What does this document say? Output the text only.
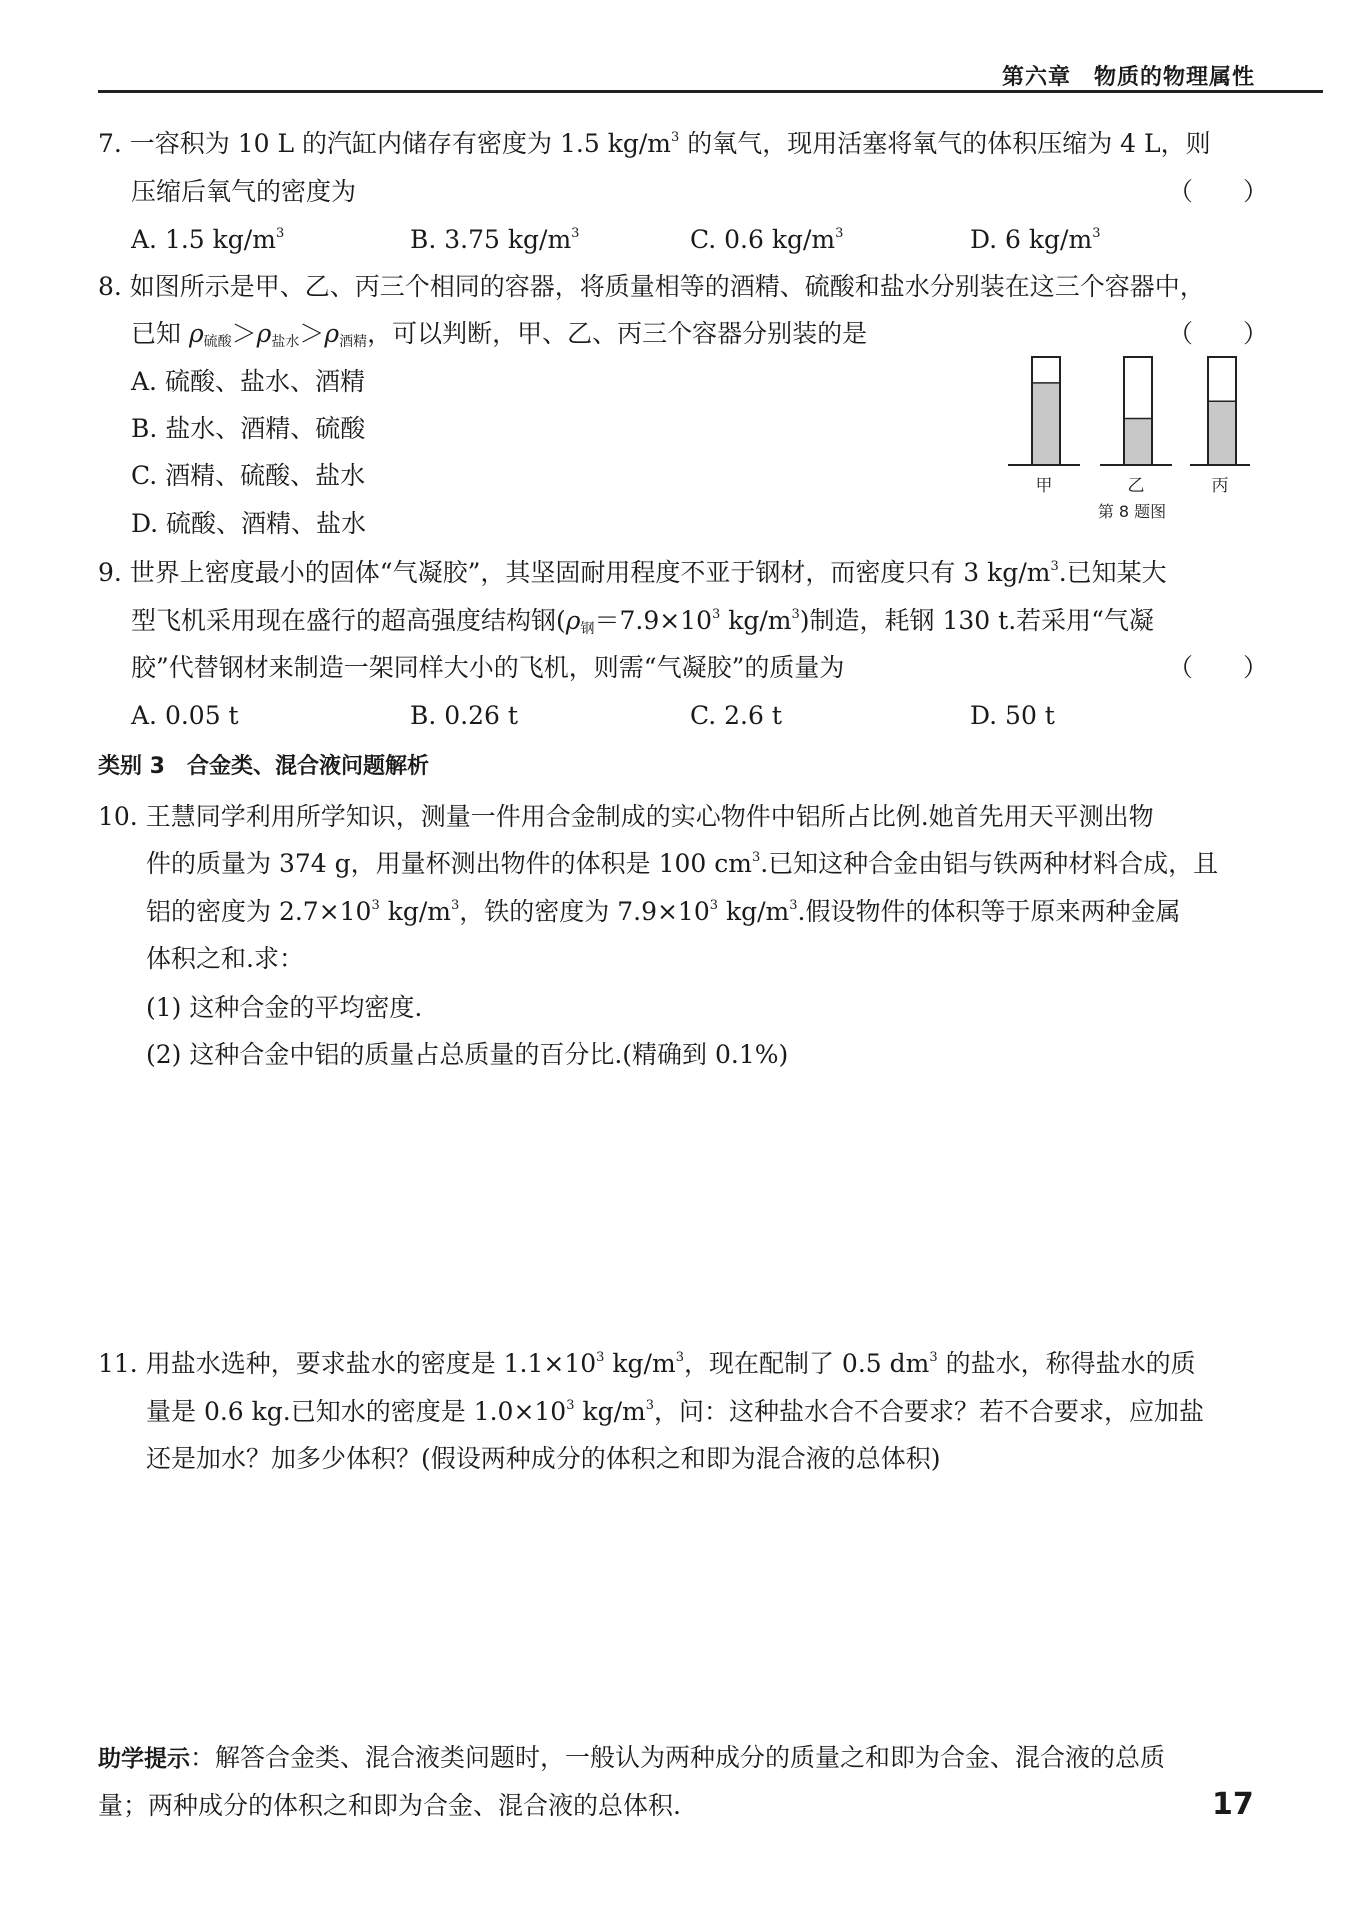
第六章　物质的物理属性
7. 一容积为 10 L 的汽缸内储存有密度为 1.5 $kg/m^3$ 的氧气，现用活塞将氧气的体积压缩为 4 L，则
压缩后氧气的密度为	（　　）
A. 1.5 $kg/m^3$	B. 3.75 $kg/m^3$	C. 0.6 $kg/m^3$	D. 6 $kg/m^3$
8. 如图所示是甲、乙、丙三个相同的容器，将质量相等的酒精、硫酸和盐水分别装在这三个容器中，
已知 $\rho_{硫酸}>\rho_{盐水}>\rho_{酒精}$，可以判断，甲、乙、丙三个容器分别装的是	（　　）
A. 硫酸、盐水、酒精
B. 盐水、酒精、硫酸
C. 酒精、硫酸、盐水
D. 硫酸、酒精、盐水
甲	乙	丙
第 8 题图
9. 世界上密度最小的固体“气凝胶”，其坚固耐用程度不亚于钢材，而密度只有 3 $kg/m^3$.已知某大
型飞机采用现在盛行的超高强度结构钢($\rho_钢=7.9\times 10^3$ $kg/m^3$)制造，耗钢 130 t.若采用“气凝
胶”代替钢材来制造一架同样大小的飞机，则需“气凝胶”的质量为	（　　）
A. 0.05 t	B. 0.26 t	C. 2.6 t	D. 50 t
类别 3　合金类、混合液问题解析
10. 王慧同学利用所学知识，测量一件用合金制成的实心物件中铝所占比例.她首先用天平测出物
件的质量为 374 g，用量杯测出物件的体积是 100 $cm^3$.已知这种合金由铝与铁两种材料合成，且
铝的密度为 $2.7\times 10^3$ $kg/m^3$，铁的密度为 $7.9\times 10^3$ $kg/m^3$.假设物件的体积等于原来两种金属
体积之和.求：
(1) 这种合金的平均密度.
(2) 这种合金中铝的质量占总质量的百分比.(精确到 0.1%)
11. 用盐水选种，要求盐水的密度是 $1.1\times 10^3$ $kg/m^3$，现在配制了 0.5 $dm^3$ 的盐水，称得盐水的质
量是 0.6 kg.已知水的密度是 $1.0\times 10^3$ $kg/m^3$，问：这种盐水合不合要求？若不合要求，应加盐
还是加水？加多少体积？(假设两种成分的体积之和即为混合液的总体积)
助学提示：解答合金类、混合液类问题时，一般认为两种成分的质量之和即为合金、混合液的总质
量；两种成分的体积之和即为合金、混合液的总体积.	17
